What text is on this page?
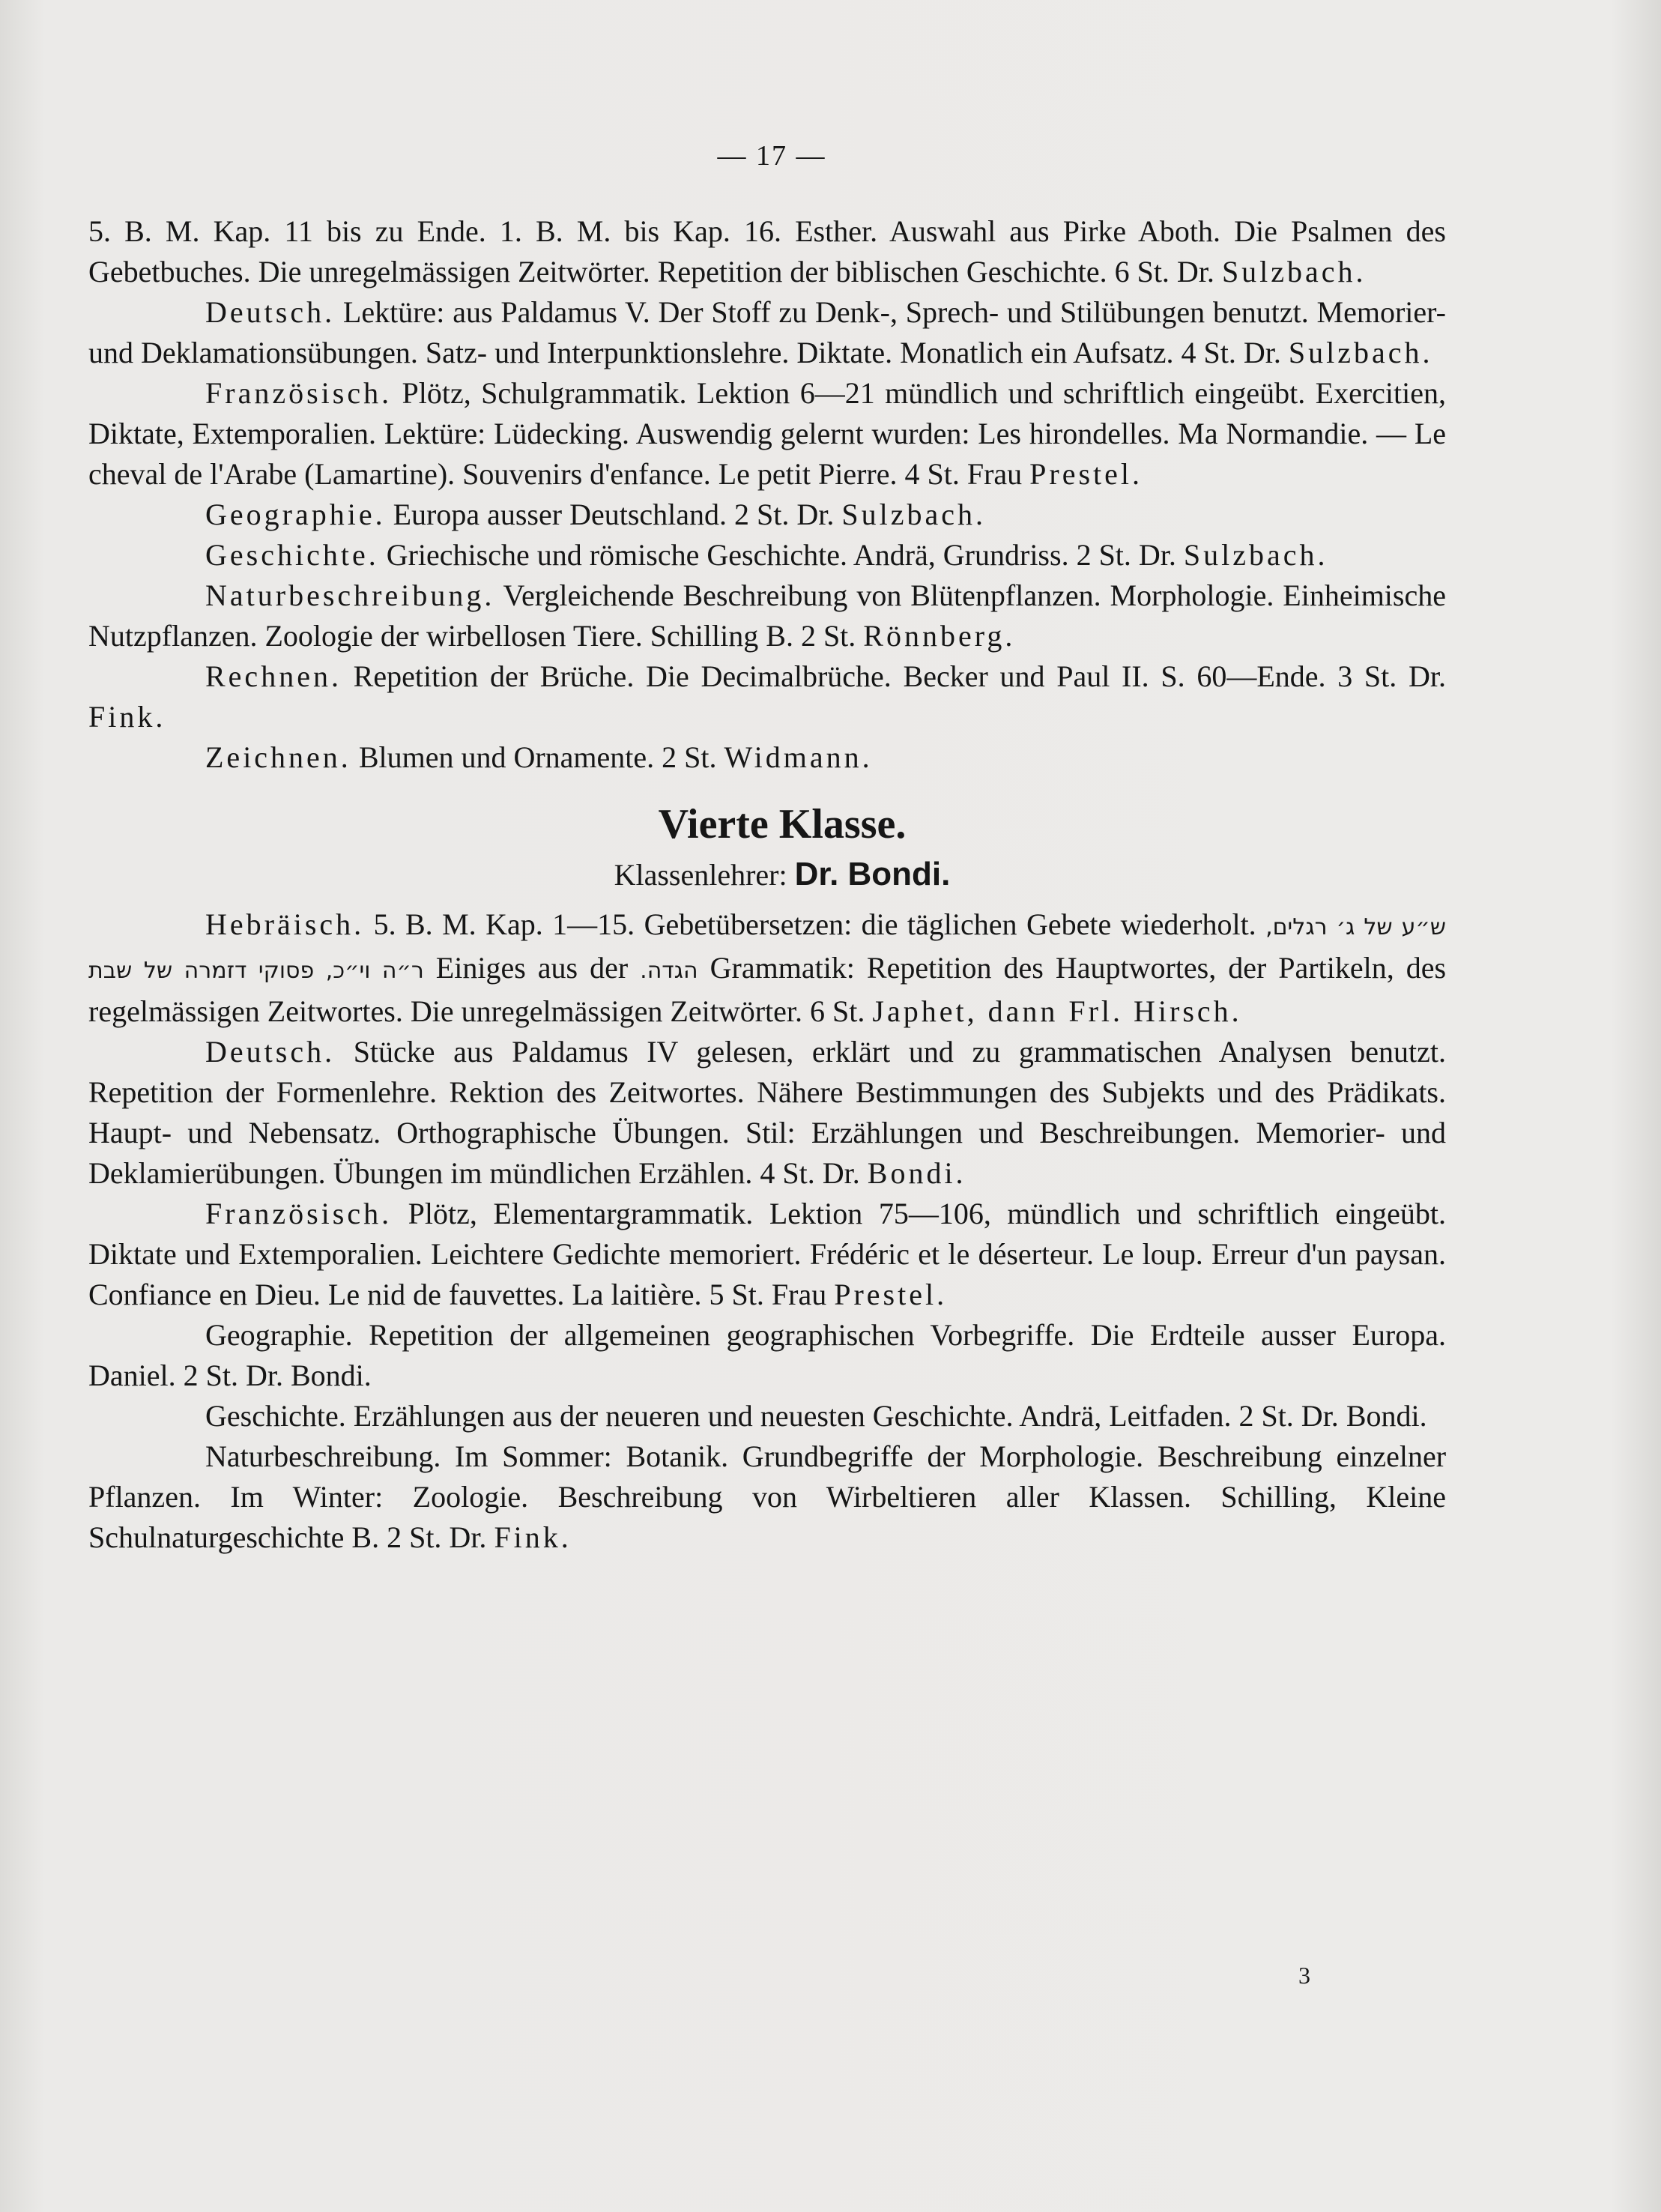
— 17 —

5. B. M. Kap. 11 bis zu Ende. 1. B. M. bis Kap. 16. Esther. Auswahl aus Pirke Aboth. Die Psalmen des Gebetbuches. Die unregelmässigen Zeitwörter. Repetition der biblischen Geschichte. 6 St. Dr. Sulzbach.

Deutsch. Lektüre: aus Paldamus V. Der Stoff zu Denk-, Sprech- und Stilübungen benutzt. Memorier- und Deklamationsübungen. Satz- und Interpunktionslehre. Diktate. Monatlich ein Aufsatz. 4 St. Dr. Sulzbach.

Französisch. Plötz, Schulgrammatik. Lektion 6—21 mündlich und schriftlich eingeübt. Exercitien, Diktate, Extemporalien. Lektüre: Lüdecking. Auswendig gelernt wurden: Les hirondelles. Ma Normandie. — Le cheval de l'Arabe (Lamartine). Souvenirs d'enfance. Le petit Pierre. 4 St. Frau Prestel.

Geographie. Europa ausser Deutschland. 2 St. Dr. Sulzbach.

Geschichte. Griechische und römische Geschichte. Andrä, Grundriss. 2 St. Dr. Sulzbach.

Naturbeschreibung. Vergleichende Beschreibung von Blütenpflanzen. Morphologie. Einheimische Nutzpflanzen. Zoologie der wirbellosen Tiere. Schilling B. 2 St. Rönnberg.

Rechnen. Repetition der Brüche. Die Decimalbrüche. Becker und Paul II. S. 60—Ende. 3 St. Dr. Fink.

Zeichnen. Blumen und Ornamente. 2 St. Widmann.

Vierte Klasse.
Klassenlehrer: Dr. Bondi.

Hebräisch. 5. B. M. Kap. 1—15. Gebetübersetzen: die täglichen Gebete wiederholt. ש״ע של ג׳ רגלים, ר״ה וי״כ, פסוקי דזמרה של שבת Einiges aus der הגדה. Grammatik: Repetition des Hauptwortes, der Partikeln, des regelmässigen Zeitwortes. Die unregelmässigen Zeitwörter. 6 St. Japhet, dann Frl. Hirsch.

Deutsch. Stücke aus Paldamus IV gelesen, erklärt und zu grammatischen Analysen benutzt. Repetition der Formenlehre. Rektion des Zeitwortes. Nähere Bestimmungen des Subjekts und des Prädikats. Haupt- und Nebensatz. Orthographische Übungen. Stil: Erzählungen und Beschreibungen. Memorier- und Deklamierübungen. Übungen im mündlichen Erzählen. 4 St. Dr. Bondi.

Französisch. Plötz, Elementargrammatik. Lektion 75—106, mündlich und schriftlich eingeübt. Diktate und Extemporalien. Leichtere Gedichte memoriert. Frédéric et le déserteur. Le loup. Erreur d'un paysan. Confiance en Dieu. Le nid de fauvettes. La laitière. 5 St. Frau Prestel.

Geographie. Repetition der allgemeinen geographischen Vorbegriffe. Die Erdteile ausser Europa. Daniel. 2 St. Dr. Bondi.

Geschichte. Erzählungen aus der neueren und neuesten Geschichte. Andrä, Leitfaden. 2 St. Dr. Bondi.

Naturbeschreibung. Im Sommer: Botanik. Grundbegriffe der Morphologie. Beschreibung einzelner Pflanzen. Im Winter: Zoologie. Beschreibung von Wirbeltieren aller Klassen. Schilling, Kleine Schulnaturgeschichte B. 2 St. Dr. Fink.

3
